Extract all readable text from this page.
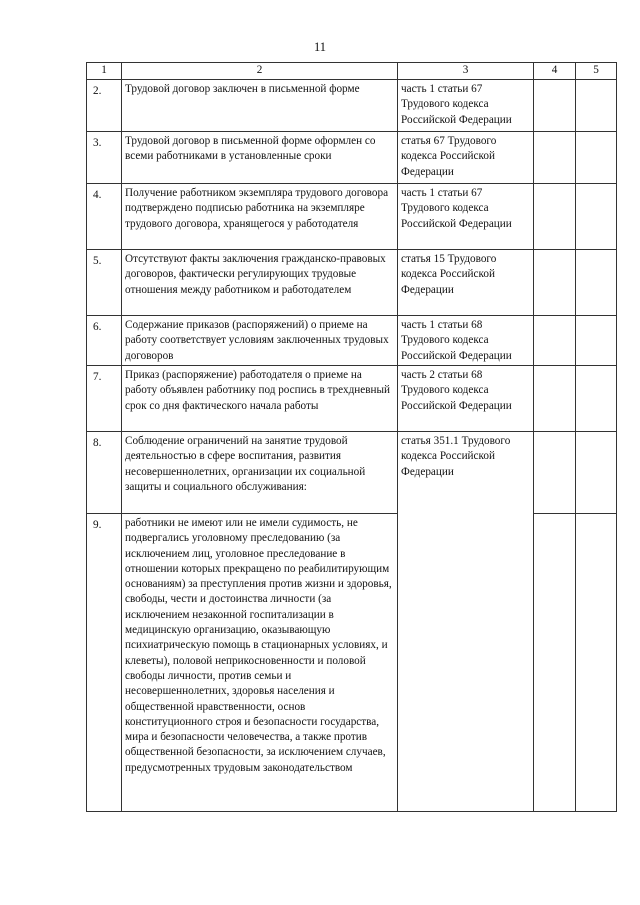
11
1	2	3	4	5
2.	Трудовой договор заключен в письменной форме	часть 1 статьи 67 Трудового кодекса Российской Федерации		
3.	Трудовой договор в письменной форме оформлен со всеми работниками в установленные сроки	статья 67 Трудового кодекса Российской Федерации		
4.	Получение работником экземпляра трудового договора подтверждено подписью работника на экземпляре трудового договора, хранящегося у работодателя	часть 1 статьи 67 Трудового кодекса Российской Федерации		
5.	Отсутствуют факты заключения гражданско-правовых договоров, фактически регулирующих трудовые отношения между работником и работодателем	статья 15 Трудового кодекса Российской Федерации		
6.	Содержание приказов (распоряжений) о приеме на работу соответствует условиям заключенных трудовых договоров	часть 1 статьи 68 Трудового кодекса Российской Федерации		
7.	Приказ (распоряжение) работодателя о приеме на работу объявлен работнику под роспись в трехдневный срок со дня фактического начала работы	часть 2 статьи 68 Трудового кодекса Российской Федерации		
8.	Соблюдение ограничений на занятие трудовой деятельностью в сфере воспитания, развития несовершеннолетних, организации их социальной защиты и социального обслуживания:	статья 351.1 Трудового кодекса Российской Федерации		
9.	работники не имеют или не имели судимость, не подвергались уголовному преследованию (за исключением лиц, уголовное преследование в отношении которых прекращено по реабилитирующим основаниям) за преступления против жизни и здоровья, свободы, чести и достоинства личности (за исключением незаконной госпитализации в медицинскую организацию, оказывающую психиатрическую помощь в стационарных условиях, и клеветы), половой неприкосновенности и половой свободы личности, против семьи и несовершеннолетних, здоровья населения и общественной нравственности, основ конституционного строя и безопасности государства, мира и безопасности человечества, а также против общественной безопасности, за исключением случаев, предусмотренных трудовым законодательством			
